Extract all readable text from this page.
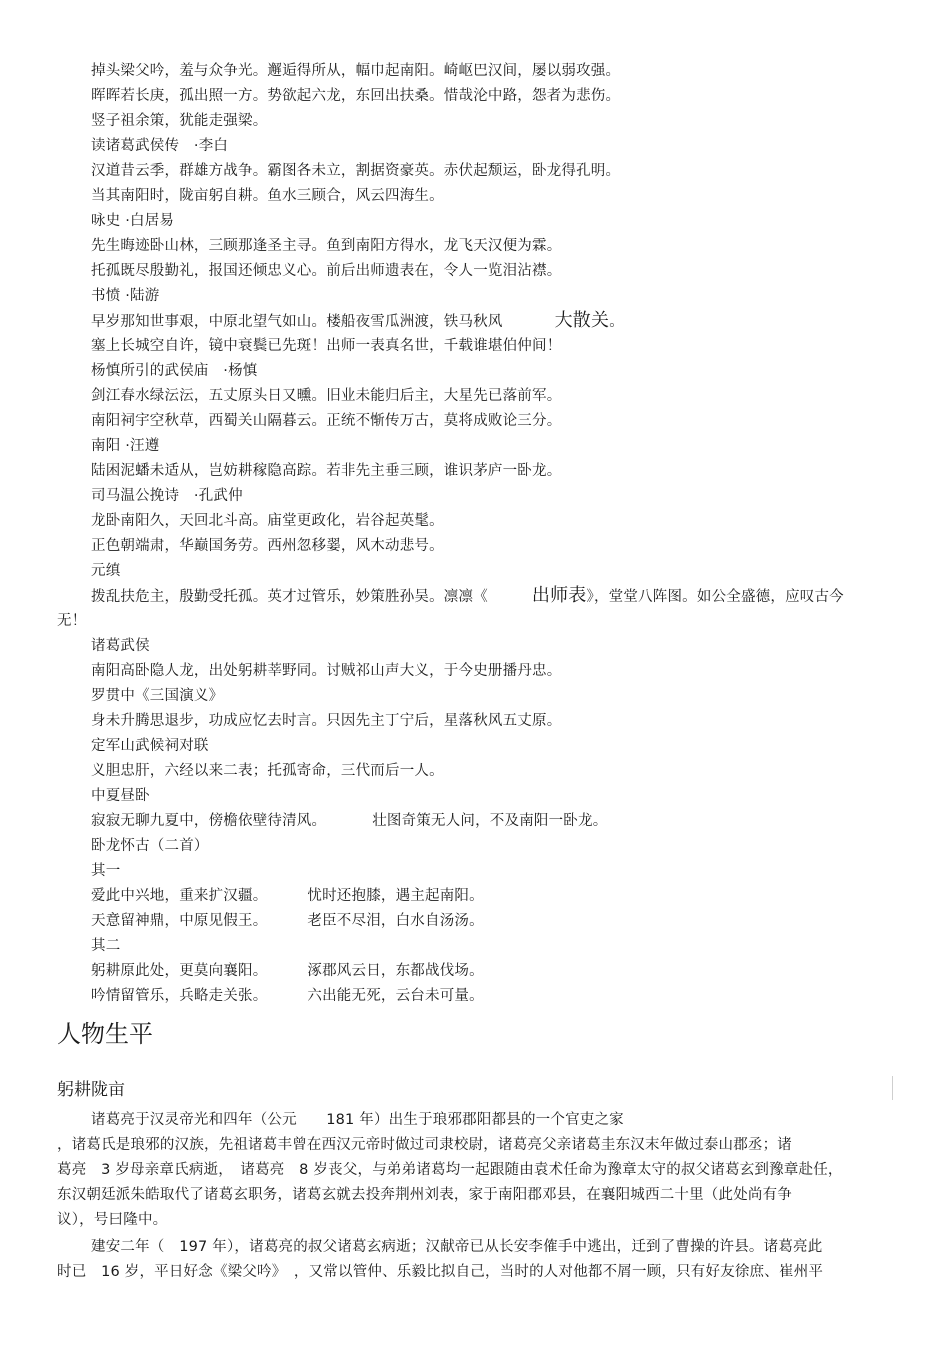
掉头梁父吟，羞与众争光。邂逅得所从，幅巾起南阳。崎岖巴汉间，屡以弱攻强。
晖晖若长庚，孤出照一方。势欲起六龙，东回出扶桑。惜哉沦中路，怨者为悲伤。
竖子祖余策，犹能走强梁。
读诸葛武侯传　·李白
汉道昔云季，群雄方战争。霸图各未立，割据资豪英。赤伏起颓运，卧龙得孔明。
当其南阳时，陇亩躬自耕。鱼水三顾合，风云四海生。
咏史 ·白居易
先生晦迹卧山林，三顾那逢圣主寻。鱼到南阳方得水，龙飞天汉便为霖。
托孤既尽殷勤礼，报国还倾忠义心。前后出师遗表在，令人一览泪沾襟。
书愤 ·陆游
早岁那知世事艰，中原北望气如山。楼船夜雪瓜洲渡，铁马秋风	大散关。
塞上长城空自许，镜中衰鬓已先斑！出师一表真名世，千载谁堪伯仲间！
杨慎所引的武侯庙　·杨慎
剑江春水绿沄沄，五丈原头日又曛。旧业未能归后主，大星先已落前军。
南阳祠宇空秋草，西蜀关山隔暮云。正统不惭传万古，莫将成败论三分。
南阳 ·汪遵
陆困泥蟠未适从，岂妨耕稼隐高踪。若非先主垂三顾，谁识茅庐一卧龙。
司马温公挽诗　·孔武仲
龙卧南阳久，天回北斗高。庙堂更政化，岩谷起英髦。
正色朝端肃，华巅国务劳。西州忽移翣，风木动悲号。
元缜
拨乱扶危主，殷勤受托孤。英才过管乐，妙策胜孙吴。凛凛《 出师表》，堂堂八阵图。如公全盛德，应叹古今
无！
诸葛武侯
南阳高卧隐人龙，出处躬耕莘野同。讨贼祁山声大义，于今史册播丹忠。
罗贯中《三国演义》
身未升腾思退步，功成应忆去时言。只因先主丁宁后，星落秋风五丈原。
定军山武候祠对联
义胆忠肝，六经以来二表；托孤寄命，三代而后一人。
中夏昼卧
寂寂无聊九夏中，傍檐依壁待清风。	壮图奇策无人问，不及南阳一卧龙。
卧龙怀古（二首）
其一
爱此中兴地，重来扩汉疆。	忧时还抱膝，遇主起南阳。
天意留神鼎，中原见假王。	老臣不尽泪，白水自汤汤。
其二
躬耕原此处，更莫向襄阳。	涿郡风云日，东都战伐场。
吟情留管乐，兵略走关张。	六出能无死，云台未可量。
人物生平
躬耕陇亩
诸葛亮于汉灵帝光和四年（公元　　181 年）出生于琅邪郡阳都县的一个官吏之家
，诸葛氏是琅邪的汉族，先祖诸葛丰曾在西汉元帝时做过司隶校尉，诸葛亮父亲诸葛圭东汉末年做过泰山郡丞；诸
葛亮　3 岁母亲章氏病逝，　诸葛亮　8 岁丧父，与弟弟诸葛均一起跟随由袁术任命为豫章太守的叔父诸葛玄到豫章赴任，
东汉朝廷派朱皓取代了诸葛玄职务，诸葛玄就去投奔荆州刘表，家于南阳郡邓县，在襄阳城西二十里（此处尚有争
议），号曰隆中。
建安二年（　197 年），诸葛亮的叔父诸葛玄病逝；汉献帝已从长安李傕手中逃出，迁到了曹操的许县。诸葛亮此
时已　16 岁，平日好念《梁父吟》　，又常以管仲、乐毅比拟自己，当时的人对他都不屑一顾，只有好友徐庶、崔州平
